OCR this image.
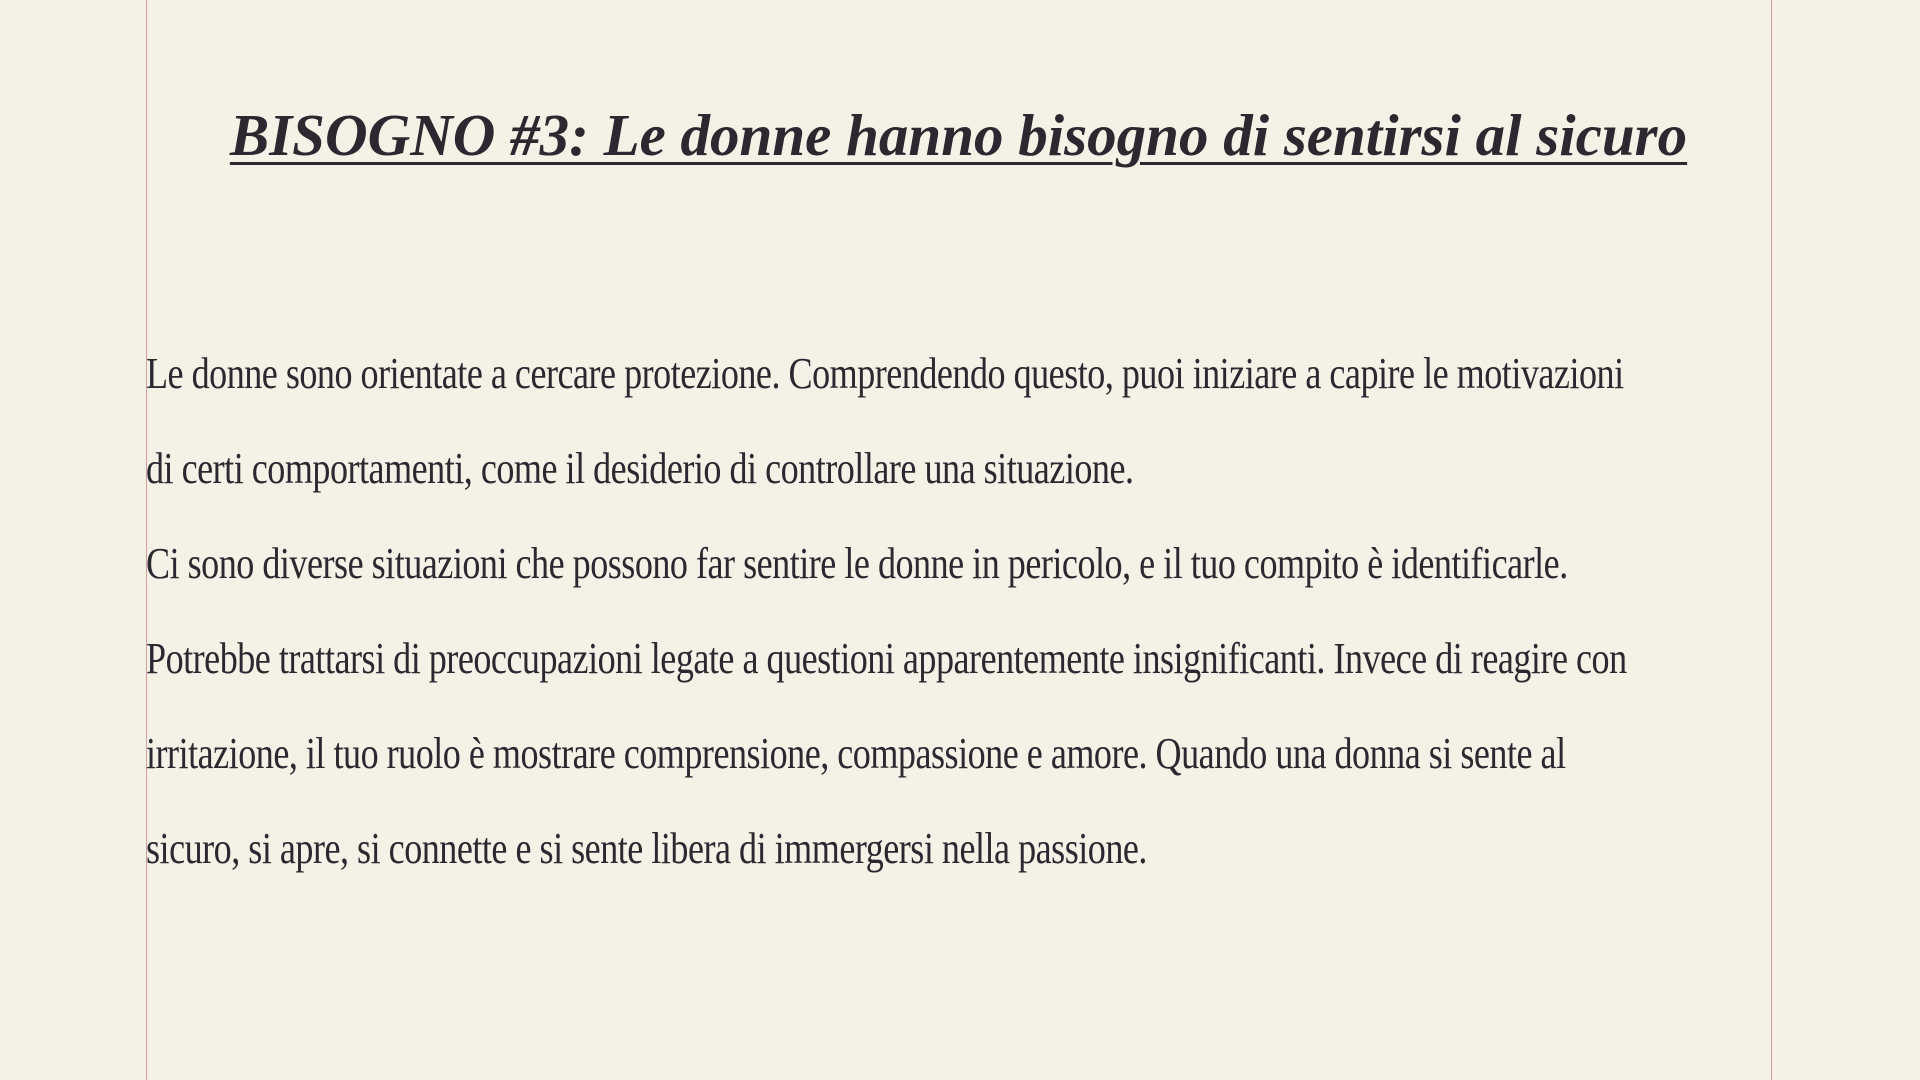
BISOGNO #3: Le donne hanno bisogno di sentirsi al sicuro
Le donne sono orientate a cercare protezione. Comprendendo questo, puoi iniziare a capire le motivazioni
di certi comportamenti, come il desiderio di controllare una situazione.
Ci sono diverse situazioni che possono far sentire le donne in pericolo, e il tuo compito è identificarle.
Potrebbe trattarsi di preoccupazioni legate a questioni apparentemente insignificanti. Invece di reagire con
irritazione, il tuo ruolo è mostrare comprensione, compassione e amore. Quando una donna si sente al
sicuro, si apre, si connette e si sente libera di immergersi nella passione.
